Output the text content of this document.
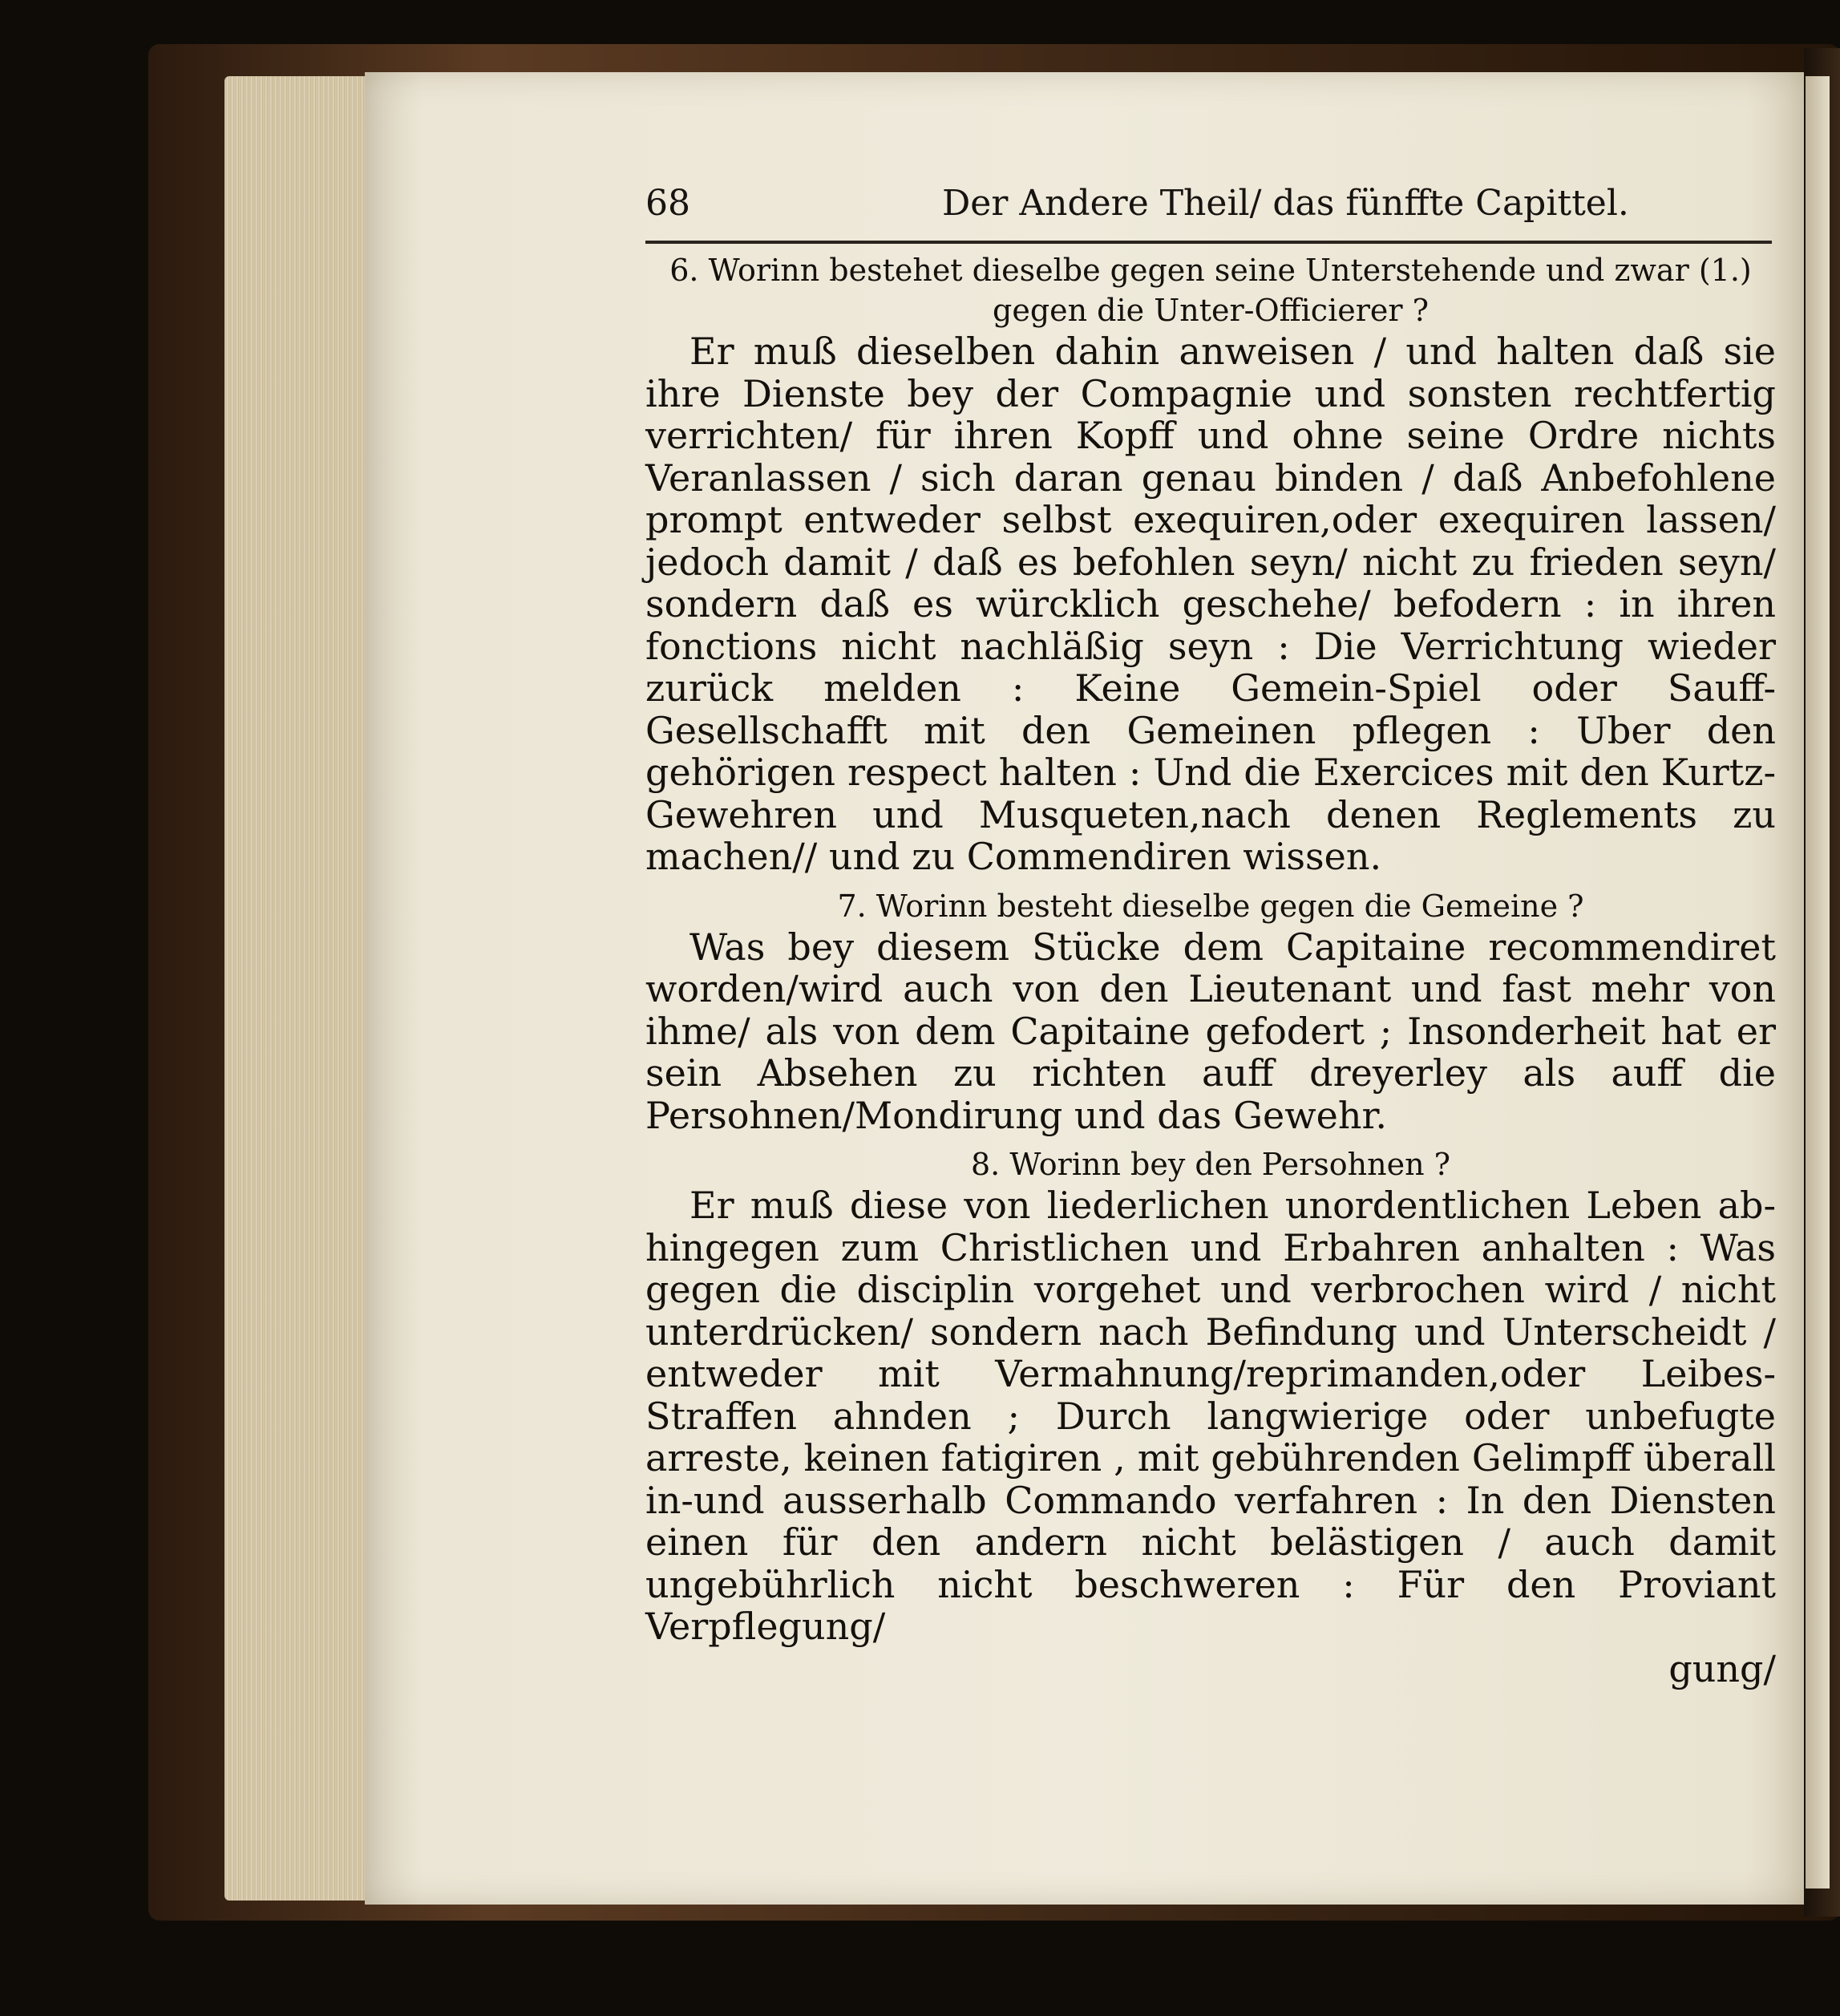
68	Der Andere Theil/ das fünffte Capittel.

6. Worinn bestehet dieselbe gegen seine Unterstehende und zwar (1.) gegen die Unter-Officierer ?

Er muß dieselben dahin anweisen / und halten daß sie ihre Dienste bey der Compagnie und sonsten rechtfertig verrichten/ für ihren Kopff und ohne seine Ordre nichts Veranlassen / sich daran genau binden / daß Anbefohlene prompt entweder selbst exequiren,oder exequiren lassen/ jedoch damit / daß es befohlen seyn/ nicht zu frieden seyn/ sondern daß es würcklich geschehe/ befodern : in ihren fonctions nicht nachläßig seyn : Die Verrichtung wieder zurück melden : Keine Gemein-Spiel oder Sauff-Gesellschafft mit den Gemeinen pflegen : Uber den gehörigen respect halten : Und die Exercices mit den Kurtz-Gewehren und Musqueten,nach denen Reglements zu machen// und zu Commendiren wissen.

7. Worinn besteht dieselbe gegen die Gemeine ?

Was bey diesem Stücke dem Capitaine recommendiret worden/wird auch von den Lieutenant und fast mehr von ihme/ als von dem Capitaine gefodert ; Insonderheit hat er sein Absehen zu richten auff dreyerley als auff die Persohnen/Mondirung und das Gewehr.

8. Worinn bey den Persohnen ?

Er muß diese von liederlichen unordentlichen Leben ab-hingegen zum Christlichen und Erbahren anhalten : Was gegen die disciplin vorgehet und verbrochen wird / nicht unterdrücken/ sondern nach Befindung und Unterscheidt / entweder mit Vermahnung/reprimanden,oder Leibes-Straffen ahnden ; Durch langwierige oder unbefugte arreste, keinen fatigiren , mit gebührenden Gelimpff überall in-und ausserhalb Commando verfahren : In den Diensten einen für den andern nicht belästigen / auch damit ungebührlich nicht beschweren : Für den Proviant Verpflegung/

gung/
